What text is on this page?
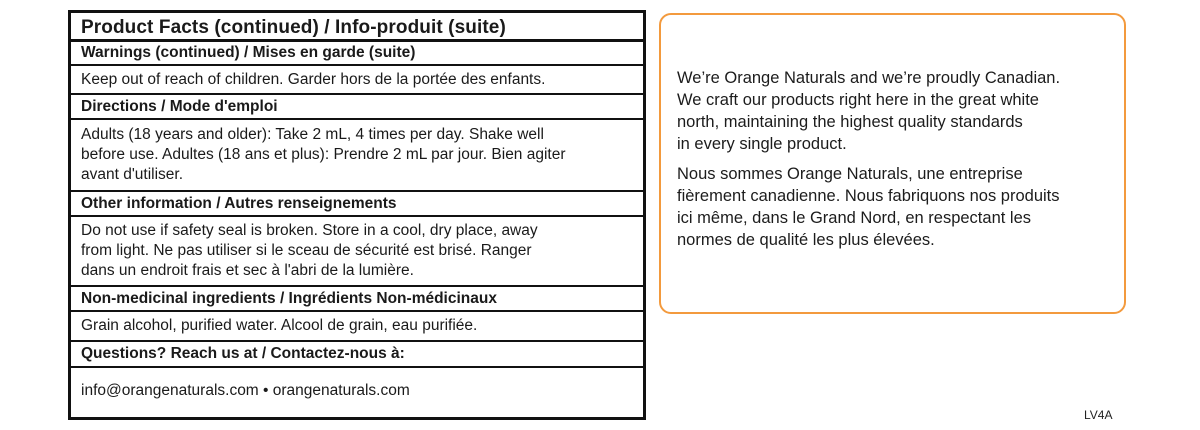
Product Facts (continued) / Info-produit (suite)
Warnings (continued) / Mises en garde (suite)
Keep out of reach of children. Garder hors de la portée des enfants.
Directions / Mode d'emploi
Adults (18 years and older): Take 2 mL, 4 times per day. Shake well
before use. Adultes (18 ans et plus): Prendre 2 mL par jour. Bien agiter
avant d'utiliser.
Other information / Autres renseignements
Do not use if safety seal is broken. Store in a cool, dry place, away
from light. Ne pas utiliser si le sceau de sécurité est brisé. Ranger
dans un endroit frais et sec à l'abri de la lumière.
Non-medicinal ingredients / Ingrédients Non-médicinaux
Grain alcohol, purified water. Alcool de grain, eau purifiée.
Questions? Reach us at / Contactez-nous à:
info@orangenaturals.com • orangenaturals.com

We’re Orange Naturals and we’re proudly Canadian.
We craft our products right here in the great white
north, maintaining the highest quality standards
in every single product.

Nous sommes Orange Naturals, une entreprise
fièrement canadienne. Nous fabriquons nos produits
ici même, dans le Grand Nord, en respectant les
normes de qualité les plus élevées.

LV4A
